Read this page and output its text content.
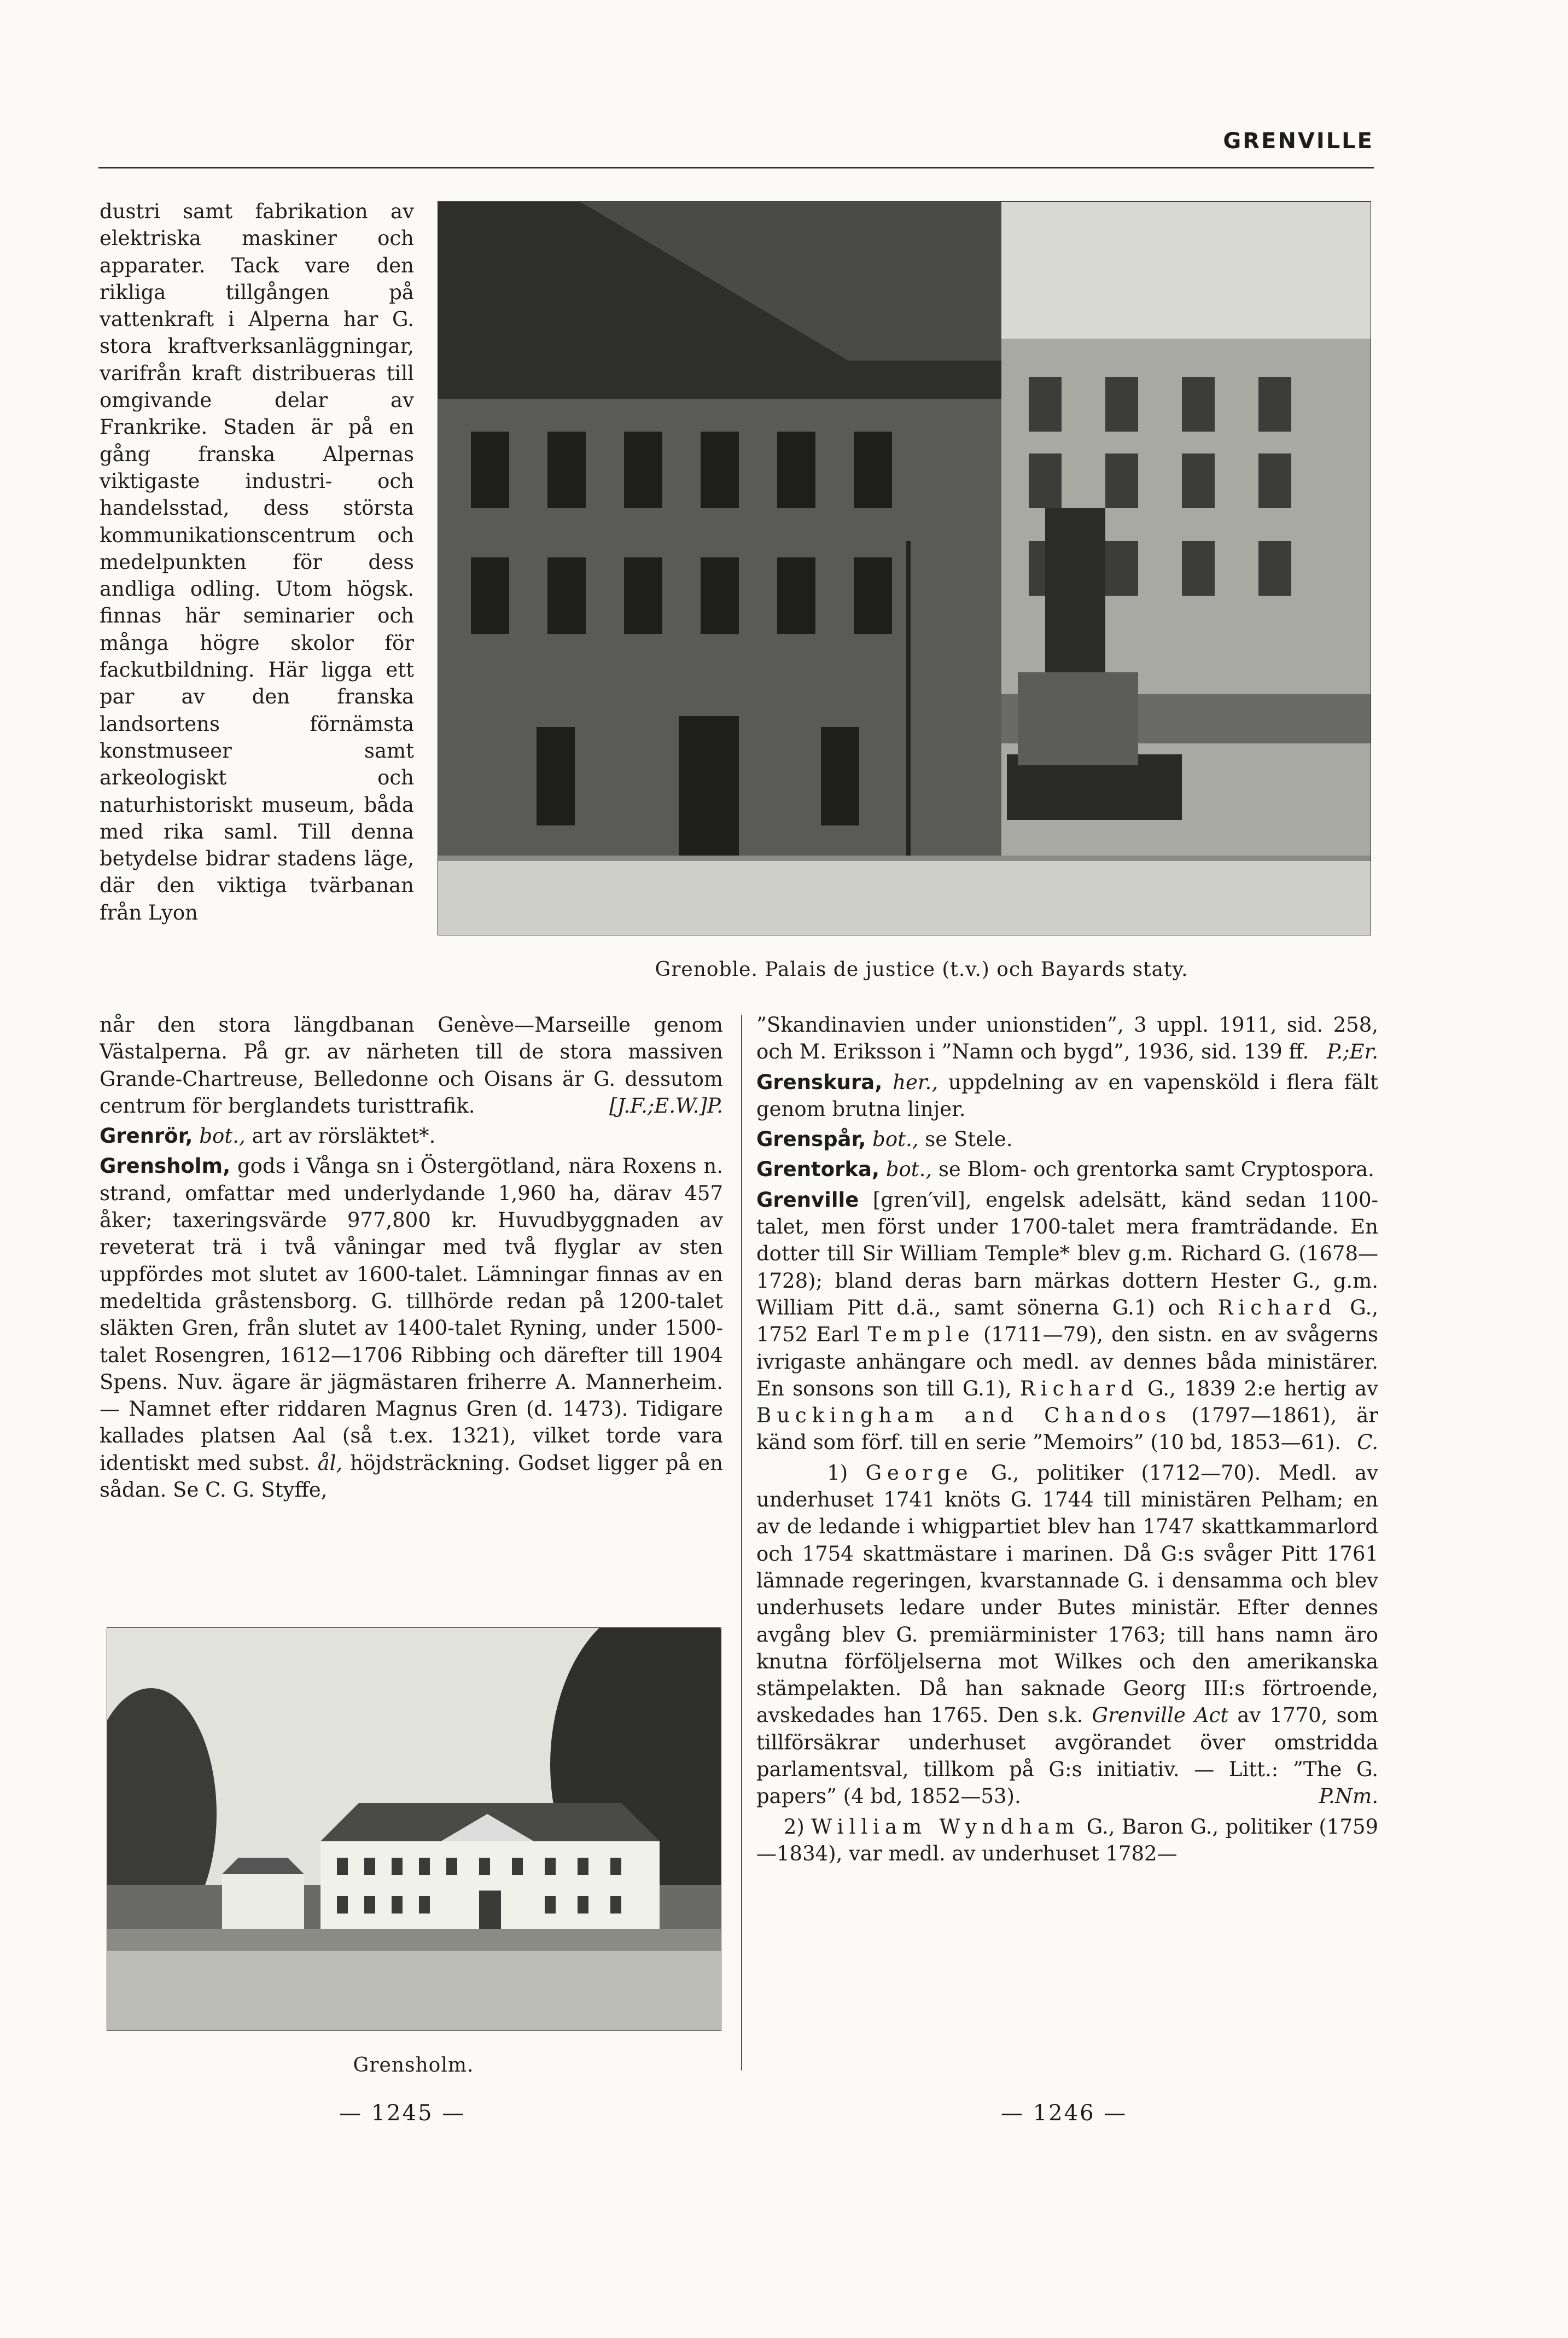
GRENVILLE
Grenoble. Palais de justice (t.v.) och Bayards staty.

dustri samt fabrikation av elektriska maskiner och apparater. Tack vare den rikliga tillgången på vattenkraft i Alperna har G. stora kraftverksanläggningar, varifrån kraft distribueras till omgivande delar av Frankrike. Staden är på en gång franska Alpernas viktigaste industri- och handelsstad, dess största kommunikationscentrum och medelpunkten för dess andliga odling. Utom högsk. finnas här seminarier och många högre skolor för fackutbildning. Här ligga ett par av den franska landsortens förnämsta konstmuseer samt arkeologiskt och naturhistoriskt museum, båda med rika saml. Till denna betydelse bidrar stadens läge, där den viktiga tvärbanan från Lyon

når den stora längdbanan Genève—Marseille genom Västalperna. På gr. av närheten till de stora massiven Grande-Chartreuse, Belledonne och Oisans är G. dessutom centrum för berglandets turisttrafik.	[J.F.;E.W.]P.

Grenrör, bot., art av rörsläktet*.

Grensholm, gods i Vånga sn i Östergötland, nära Roxens n. strand, omfattar med underlydande 1,960 ha, därav 457 åker; taxeringsvärde 977,800 kr. Huvudbyggnaden av reveterat trä i två våningar med två flyglar av sten uppfördes mot slutet av 1600-talet. Lämningar finnas av en medeltida gråstensborg. G. tillhörde redan på 1200-talet släkten Gren, från slutet av 1400-talet Ryning, under 1500-talet Rosengren, 1612—1706 Ribbing och därefter till 1904 Spens. Nuv. ägare är jägmästaren friherre A. Mannerheim. — Namnet efter riddaren Magnus Gren (d. 1473). Tidigare kallades platsen Aal (så t.ex. 1321), vilket torde vara identiskt med subst. ål, höjdsträckning. Godset ligger på en sådan. Se C. G. Styffe,

Grensholm.

”Skandinavien under unionstiden”, 3 uppl. 1911, sid. 258, och M. Eriksson i ”Namn och bygd”, 1936, sid. 139 ff. P.;Er.

Grenskura, her., uppdelning av en vapensköld i flera fält genom brutna linjer.

Grenspår, bot., se Stele.

Grentorka, bot., se Blom- och grentorka samt Cryptospora.

Grenville [gren′vil], engelsk adelsätt, känd sedan 1100-talet, men först under 1700-talet mera framträdande. En dotter till Sir William Temple* blev g.m. Richard G. (1678—1728); bland deras barn märkas dottern Hester G., g.m. William Pitt d.ä., samt sönerna G.1) och Richard G., 1752 Earl Temple (1711—79), den sistn. en av svågerns ivrigaste anhängare och medl. av dennes båda ministärer. En sonsons son till G.1), Richard G., 1839 2:e hertig av Buckingham and Chandos (1797—1861), är känd som förf. till en serie ”Memoirs” (10 bd, 1853—61). C.

1) George G., politiker (1712—70). Medl. av underhuset 1741 knöts G. 1744 till ministären Pelham; en av de ledande i whigpartiet blev han 1747 skattkammarlord och 1754 skattmästare i marinen. Då G:s svåger Pitt 1761 lämnade regeringen, kvarstannade G. i densamma och blev underhusets ledare under Butes ministär. Efter dennes avgång blev G. premiärminister 1763; till hans namn äro knutna förföljelserna mot Wilkes och den amerikanska stämpelakten. Då han saknade Georg III:s förtroende, avskedades han 1765. Den s.k. Grenville Act av 1770, som tillförsäkrar underhuset avgörandet över omstridda parlamentsval, tillkom på G:s initiativ. — Litt.: ”The G. papers” (4 bd, 1852—53).	P.Nm.

2) William Wyndham G., Baron G., politiker (1759—1834), var medl. av underhuset 1782—

— 1245 —	— 1246 —
